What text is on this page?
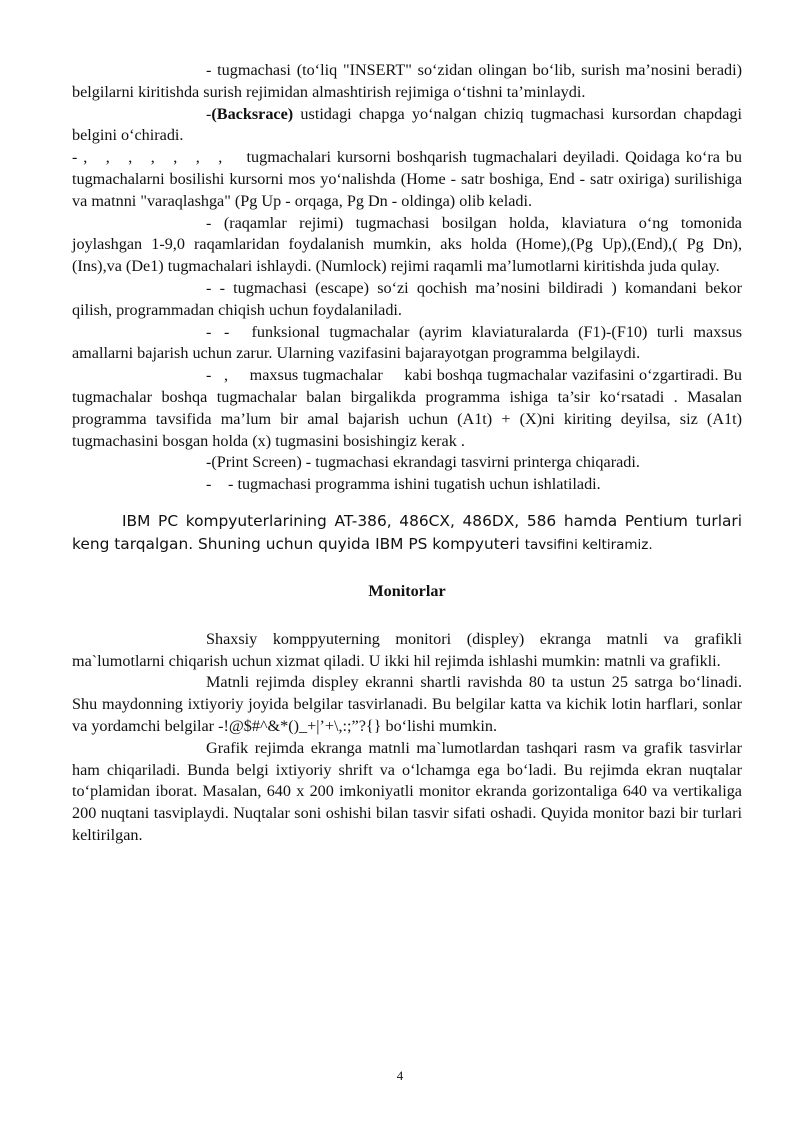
- tugmachasi (to‘liq "INSERT" so‘zidan olingan bo‘lib, surish ma’nosini beradi) belgilarni kiritishda surish rejimidan almashtirish rejimiga o‘tishni ta’minlaydi.

-(Backsrace) ustidagi chapga yo‘nalgan chiziq tugmachasi kursordan chapdagi belgini o‘chiradi.

- , , , , , , , tugmachalari kursorni boshqarish tugmachalari deyiladi. Qoidaga ko‘ra bu tugmachalarni bosilishi kursorni mos yo‘nalishda (Home - satr boshiga, End - satr oxiriga) surilishiga va matnni "varaqlashga" (Pg Up - orqaga, Pg Dn - oldinga) olib keladi.

- (raqamlar rejimi) tugmachasi bosilgan holda, klaviatura o‘ng tomonida joylashgan 1-9,0 raqamlaridan foydalanish mumkin, aks holda (Home),(Pg Up),(End),( Pg Dn), (Ins),va (De1) tugmachalari ishlaydi. (Numlock) rejimi raqamli ma’lumotlarni kiritishda juda qulay.

- - tugmachasi (escape) so‘zi qochish ma’nosini bildiradi ) komandani bekor qilish, programmadan chiqish uchun foydalaniladi.

- - funksional tugmachalar (ayrim klaviaturalarda (F1)-(F10) turli maxsus amallarni bajarish uchun zarur. Ularning vazifasini bajarayotgan programma belgilaydi.

- , maxsus tugmachalar kabi boshqa tugmachalar vazifasini o‘zgartiradi. Bu tugmachalar boshqa tugmachalar balan birgalikda programma ishiga ta’sir ko‘rsatadi . Masalan programma tavsifida ma’lum bir amal bajarish uchun (A1t) + (X)ni kiriting deyilsa, siz (A1t) tugmachasini bosgan holda (x) tugmasini bosishingiz kerak .

-(Print Screen) - tugmachasi ekrandagi tasvirni printerga chiqaradi.

- - tugmachasi programma ishini tugatish uchun ishlatiladi.

IBM PC kompyuterlarining AT-386, 486CX, 486DX, 586 hamda Pentium turlari keng tarqalgan. Shuning uchun quyida IBM PS kompyuteri tavsifini keltiramiz.

Monitorlar

Shaxsiy komppyuterning monitori (displey) ekranga matnli va grafikli ma`lumotlarni chiqarish uchun xizmat qiladi. U ikki hil rejimda ishlashi mumkin: matnli va grafikli.

Matnli rejimda displey ekranni shartli ravishda 80 ta ustun 25 satrga bo‘linadi. Shu maydonning ixtiyoriy joyida belgilar tasvirlanadi. Bu belgilar katta va kichik lotin harflari, sonlar va yordamchi belgilar -!@$#^&*()_+|’+\,:;”?{} bo‘lishi mumkin.

Grafik rejimda ekranga matnli ma`lumotlardan tashqari rasm va grafik tasvirlar ham chiqariladi. Bunda belgi ixtiyoriy shrift va o‘lchamga ega bo‘ladi. Bu rejimda ekran nuqtalar to‘plamidan iborat. Masalan, 640 x 200 imkoniyatli monitor ekranda gorizontaliga 640 va vertikaliga 200 nuqtani tasviplaydi. Nuqtalar soni oshishi bilan tasvir sifati oshadi. Quyida monitor bazi bir turlari keltirilgan.

4
